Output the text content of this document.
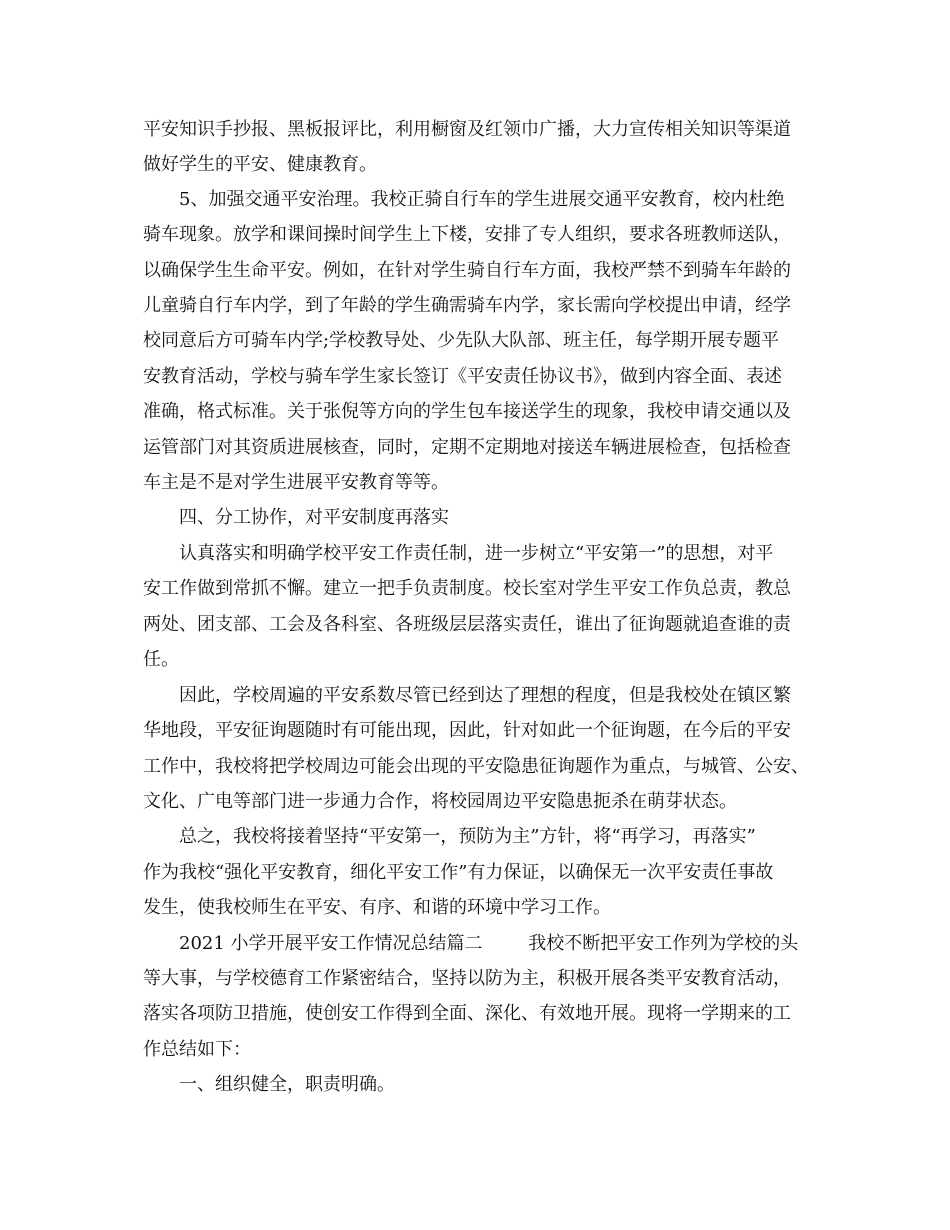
平安知识手抄报、黑板报评比，利用橱窗及红领巾广播，大力宣传相关知识等渠道
做好学生的平安、健康教育。
5、加强交通平安治理。我校正骑自行车的学生进展交通平安教育，校内杜绝
骑车现象。放学和课间操时间学生上下楼，安排了专人组织，要求各班教师送队，
以确保学生生命平安。例如，在针对学生骑自行车方面，我校严禁不到骑车年龄的
儿童骑自行车内学，到了年龄的学生确需骑车内学，家长需向学校提出申请，经学
校同意后方可骑车内学;学校教导处、少先队大队部、班主任，每学期开展专题平
安教育活动，学校与骑车学生家长签订《平安责任协议书》，做到内容全面、表述
准确，格式标准。关于张倪等方向的学生包车接送学生的现象，我校申请交通以及
运管部门对其资质进展核查，同时，定期不定期地对接送车辆进展检查，包括检查
车主是不是对学生进展平安教育等等。
四、分工协作，对平安制度再落实
认真落实和明确学校平安工作责任制，进一步树立“平安第一”的思想，对平
安工作做到常抓不懈。建立一把手负责制度。校长室对学生平安工作负总责，教总
两处、团支部、工会及各科室、各班级层层落实责任，谁出了征询题就追查谁的责
任。
因此，学校周遍的平安系数尽管已经到达了理想的程度，但是我校处在镇区繁
华地段，平安征询题随时有可能出现，因此，针对如此一个征询题，在今后的平安
工作中，我校将把学校周边可能会出现的平安隐患征询题作为重点，与城管、公安、
文化、广电等部门进一步通力合作，将校园周边平安隐患扼杀在萌芽状态。
总之，我校将接着坚持“平安第一，预防为主”方针，将“再学习，再落实”
作为我校“强化平安教育，细化平安工作”有力保证，以确保无一次平安责任事故
发生，使我校师生在平安、有序、和谐的环境中学习工作。
2021 小学开展平安工作情况总结篇二        我校不断把平安工作列为学校的头
等大事，与学校德育工作紧密结合，坚持以防为主，积极开展各类平安教育活动，
落实各项防卫措施，使创安工作得到全面、深化、有效地开展。现将一学期来的工
作总结如下：
一、组织健全，职责明确。
